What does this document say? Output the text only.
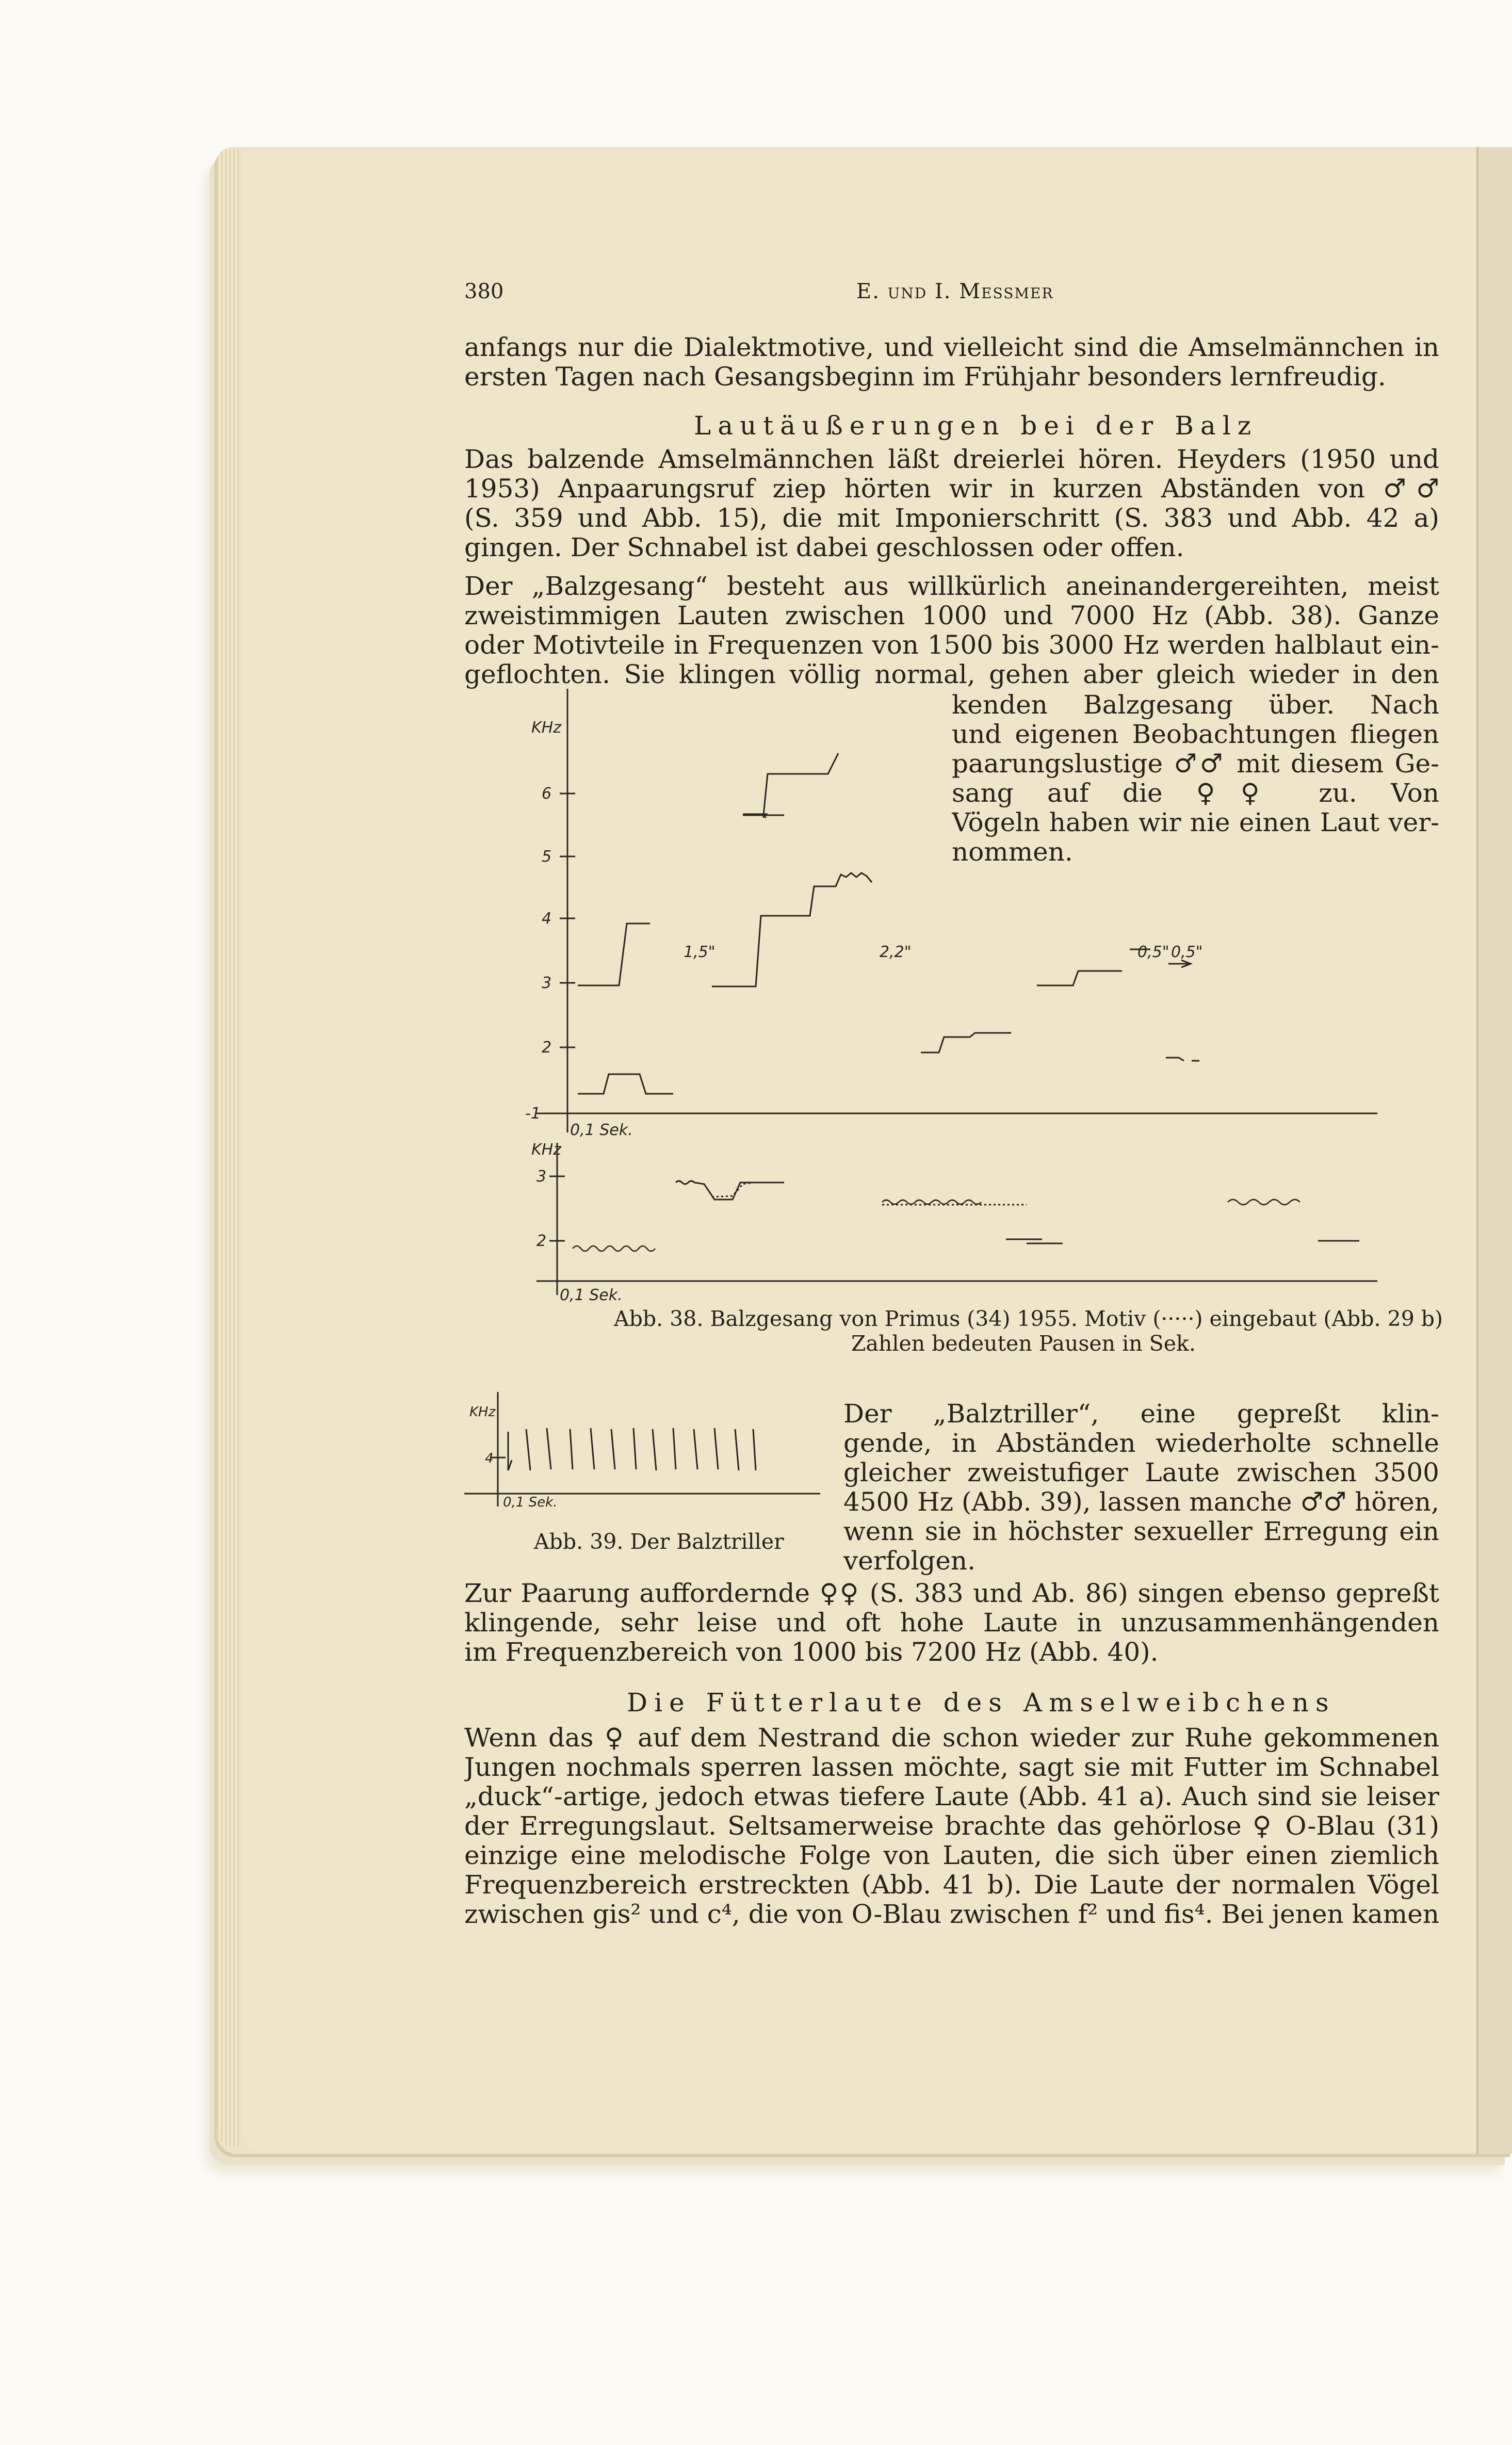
380	E. und I. Messmer
anfangs nur die Dialektmotive, und vielleicht sind die Amselmännchen in
ersten Tagen nach Gesangsbeginn im Frühjahr besonders lernfreudig.
Lautäußerungen bei der Balz
Das balzende Amselmännchen läßt dreierlei hören. Heyders (1950 und
1953) Anpaarungsruf ziep hörten wir in kurzen Abständen von ♂♂
(S. 359 und Abb. 15), die mit Imponierschritt (S. 383 und Abb. 42 a)
gingen. Der Schnabel ist dabei geschlossen oder offen.
Der „Balzgesang“ besteht aus willkürlich aneinandergereihten, meist
zweistimmigen Lauten zwischen 1000 und 7000 Hz (Abb. 38). Ganze
oder Motivteile in Frequenzen von 1500 bis 3000 Hz werden halblaut ein-
geflochten. Sie klingen völlig normal, gehen aber gleich wieder in den
kenden Balzgesang über. Nach
und eigenen Beobachtungen fliegen
paarungslustige ♂♂ mit diesem Ge-
sang auf die ♀♀ zu. Von
Vögeln haben wir nie einen Laut ver-
nommen.
KHz
6
5
4
3
2
-1
0,1 Sek.
1,5"	2,2"	0,5" 0,5"
KHz
3
2
0,1 Sek.
Abb. 38. Balzgesang von Primus (34) 1955. Motiv (·····) eingebaut (Abb. 29 b)
Zahlen bedeuten Pausen in Sek.
KHz
4
0,1 Sek.
Abb. 39. Der Balztriller
Der „Balztriller“, eine gepreßt klin-
gende, in Abständen wiederholte schnelle
gleicher zweistufiger Laute zwischen 3500
4500 Hz (Abb. 39), lassen manche ♂♂ hören,
wenn sie in höchster sexueller Erregung ein
verfolgen.
Zur Paarung auffordernde ♀♀ (S. 383 und Ab. 86) singen ebenso gepreßt
klingende, sehr leise und oft hohe Laute in unzusammenhängenden
im Frequenzbereich von 1000 bis 7200 Hz (Abb. 40).
Die Fütterlaute des Amselweibchens
Wenn das ♀ auf dem Nestrand die schon wieder zur Ruhe gekommenen
Jungen nochmals sperren lassen möchte, sagt sie mit Futter im Schnabel
„duck“-artige, jedoch etwas tiefere Laute (Abb. 41 a). Auch sind sie leiser
der Erregungslaut. Seltsamerweise brachte das gehörlose ♀ O-Blau (31)
einzige eine melodische Folge von Lauten, die sich über einen ziemlich
Frequenzbereich erstreckten (Abb. 41 b). Die Laute der normalen Vögel
zwischen gis² und c⁴, die von O-Blau zwischen f² und fis⁴. Bei jenen kamen
